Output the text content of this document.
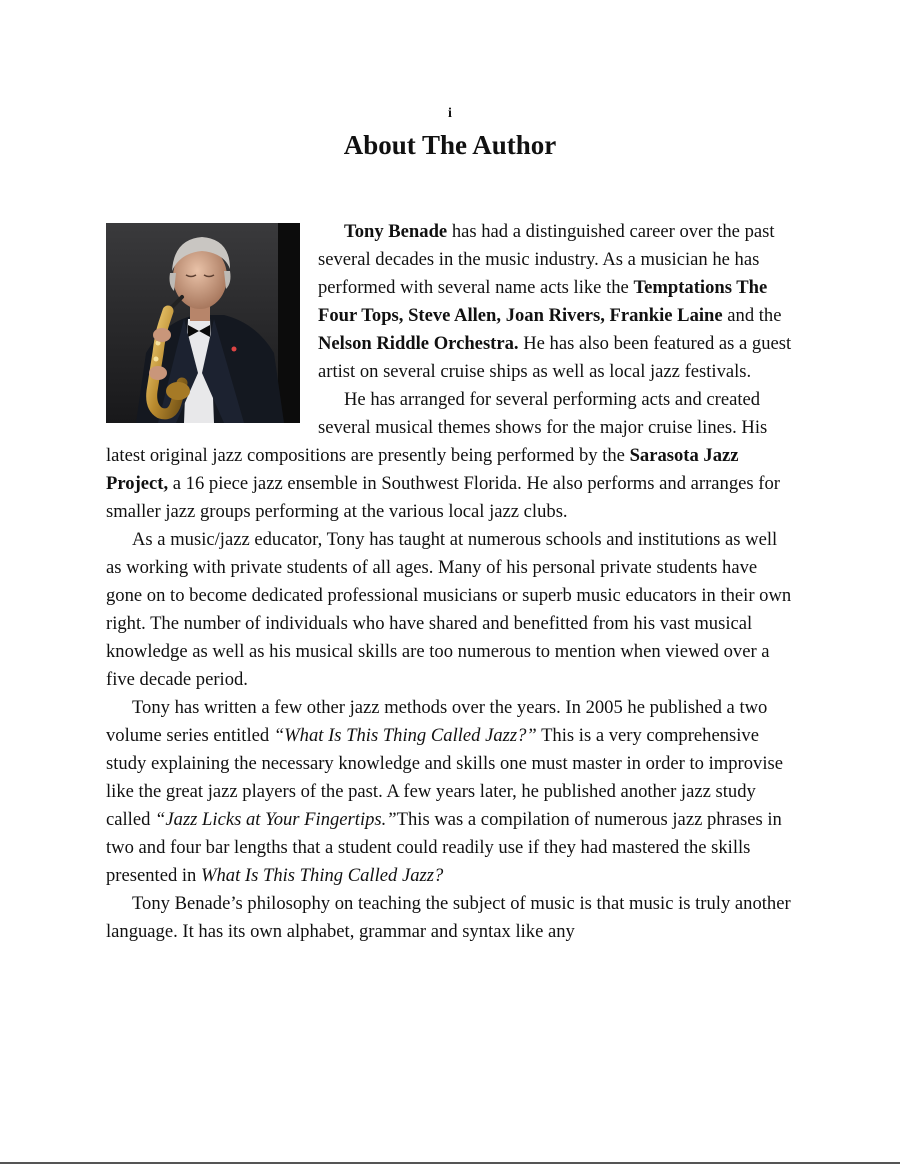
i
About The Author

Tony Benade has had a distinguished career over the past several decades in the music industry. As a musician he has performed with several name acts like the Temptations The Four Tops, Steve Allen, Joan Rivers, Frankie Laine and the Nelson Riddle Orchestra. He has also been featured as a guest artist on several cruise ships as well as local jazz festivals.

He has arranged for several performing acts and created several musical themes shows for the major cruise lines. His latest original jazz compositions are presently being performed by the Sarasota Jazz Project, a 16 piece jazz ensemble in Southwest Florida. He also performs and arranges for smaller jazz groups performing at the various local jazz clubs.

As a music/jazz educator, Tony has taught at numerous schools and institutions as well as working with private students of all ages. Many of his personal private students have gone on to become dedicated professional musicians or superb music educators in their own right. The number of individuals who have shared and benefitted from his vast musical knowledge as well as his musical skills are too numerous to mention when viewed over a five decade period.

Tony has written a few other jazz methods over the years. In 2005 he published a two volume series entitled “What Is This Thing Called Jazz?” This is a very comprehensive study explaining the necessary knowledge and skills one must master in order to improvise like the great jazz players of the past. A few years later, he published another jazz study called “Jazz Licks at Your Fingertips.”This was a compilation of numerous jazz phrases in two and four bar lengths that a student could readily use if they had mastered the skills presented in What Is This Thing Called Jazz?

Tony Benade’s philosophy on teaching the subject of music is that music is truly another language. It has its own alphabet, grammar and syntax like any
